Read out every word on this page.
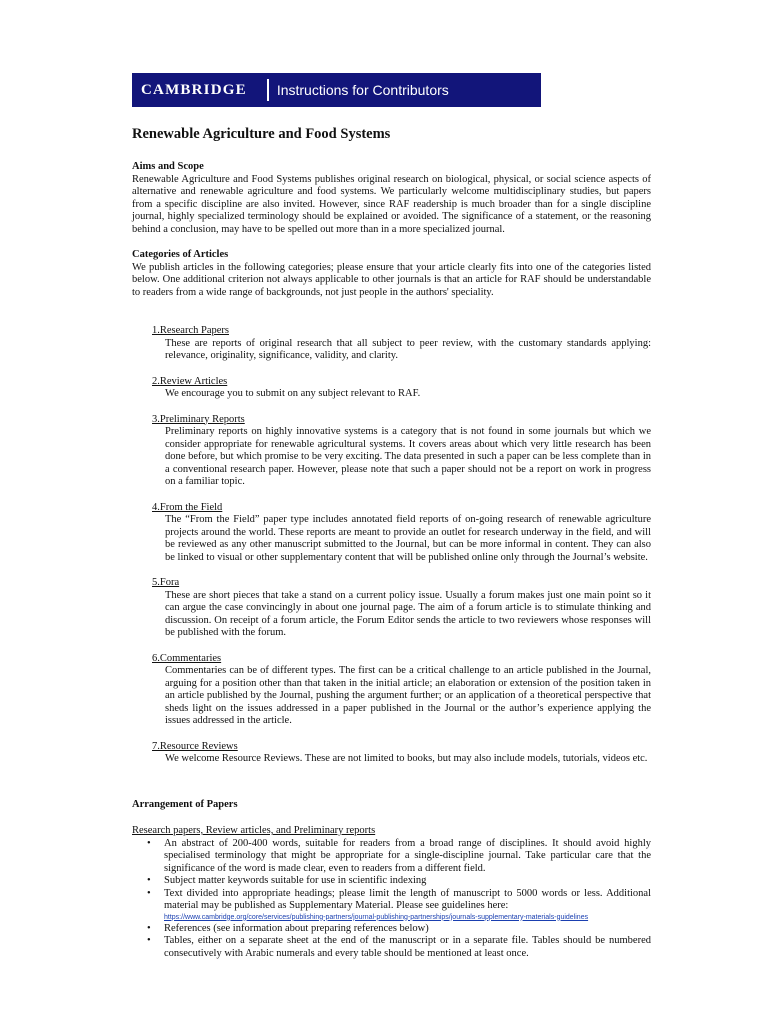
CAMBRIDGE Instructions for Contributors
Renewable Agriculture and Food Systems
Aims and Scope
Renewable Agriculture and Food Systems publishes original research on biological, physical, or social science aspects of alternative and renewable agriculture and food systems. We particularly welcome multidisciplinary studies, but papers from a specific discipline are also invited. However, since RAF readership is much broader than for a single discipline journal, highly specialized terminology should be explained or avoided. The significance of a statement, or the reasoning behind a conclusion, may have to be spelled out more than in a more specialized journal.
Categories of Articles
We publish articles in the following categories; please ensure that your article clearly fits into one of the categories listed below. One additional criterion not always applicable to other journals is that an article for RAF should be understandable to readers from a wide range of backgrounds, not just people in the authors' speciality.
1.Research Papers
These are reports of original research that all subject to peer review, with the customary standards applying: relevance, originality, significance, validity, and clarity.
2.Review Articles
We encourage you to submit on any subject relevant to RAF.
3.Preliminary Reports
Preliminary reports on highly innovative systems is a category that is not found in some journals but which we consider appropriate for renewable agricultural systems. It covers areas about which very little research has been done before, but which promise to be very exciting. The data presented in such a paper can be less complete than in a conventional research paper. However, please note that such a paper should not be a report on work in progress on a familiar topic.
4.From the Field
The “From the Field” paper type includes annotated field reports of on-going research of renewable agriculture projects around the world. These reports are meant to provide an outlet for research underway in the field, and will be reviewed as any other manuscript submitted to the Journal, but can be more informal in content. They can also be linked to visual or other supplementary content that will be published online only through the Journal’s website.
5.Fora
These are short pieces that take a stand on a current policy issue. Usually a forum makes just one main point so it can argue the case convincingly in about one journal page. The aim of a forum article is to stimulate thinking and discussion. On receipt of a forum article, the Forum Editor sends the article to two reviewers whose responses will be published with the forum.
6.Commentaries
Commentaries can be of different types. The first can be a critical challenge to an article published in the Journal, arguing for a position other than that taken in the initial article; an elaboration or extension of the position taken in an article published by the Journal, pushing the argument further; or an application of a theoretical perspective that sheds light on the issues addressed in a paper published in the Journal or the author’s experience applying the issues addressed in the article.
7.Resource Reviews
We welcome Resource Reviews. These are not limited to books, but may also include models, tutorials, videos etc.
Arrangement of Papers
Research papers, Review articles, and Preliminary reports
• An abstract of 200-400 words, suitable for readers from a broad range of disciplines. It should avoid highly specialised terminology that might be appropriate for a single-discipline journal. Take particular care that the significance of the word is made clear, even to readers from a different field.
• Subject matter keywords suitable for use in scientific indexing
• Text divided into appropriate headings; please limit the length of manuscript to 5000 words or less. Additional material may be published as Supplementary Material. Please see guidelines here:
https://www.cambridge.org/core/services/publishing-partners/journal-publishing-partnerships/journals-supplementary-materials-guidelines
• References (see information about preparing references below)
• Tables, either on a separate sheet at the end of the manuscript or in a separate file. Tables should be numbered consecutively with Arabic numerals and every table should be mentioned at least once.
